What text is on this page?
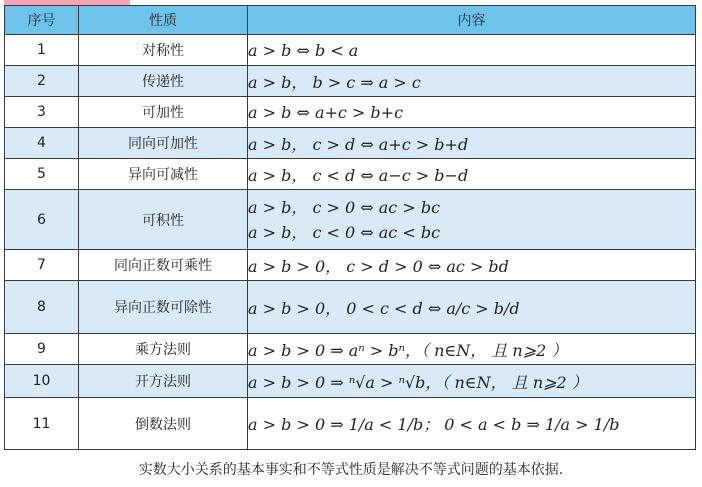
序号	性质	内容
1	对称性	a > b ⇔ b < a
2	传递性	a > b， b > c ⇒ a > c
3	可加性	a > b ⇔ a+c > b+c
4	同向可加性	a > b， c > d ⇔ a+c > b+d
5	异向可减性	a > b， c < d ⇔ a−c > b−d
6	可积性	a > b， c > 0 ⇔ ac > bc
a > b， c < 0 ⇔ ac < bc

7	同向正数可乘性	a > b > 0， c > d > 0 ⇔ ac > bd
8	异向正数可除性	a > b > 0， 0 < c < d ⇔ a/c > b/d
9	乘方法则	a > b > 0 ⇒ aⁿ > bⁿ，（ n∈N， 且 n⩾2 ）
10	开方法则	a > b > 0 ⇒ ⁿ√a > ⁿ√b，（ n∈N， 且 n⩾2 ）
11	倒数法则	a > b > 0 ⇒ 1/a < 1/b； 0 < a < b ⇒ 1/a > 1/b
实数大小关系的基本事实和不等式性质是解决不等式问题的基本依据.
